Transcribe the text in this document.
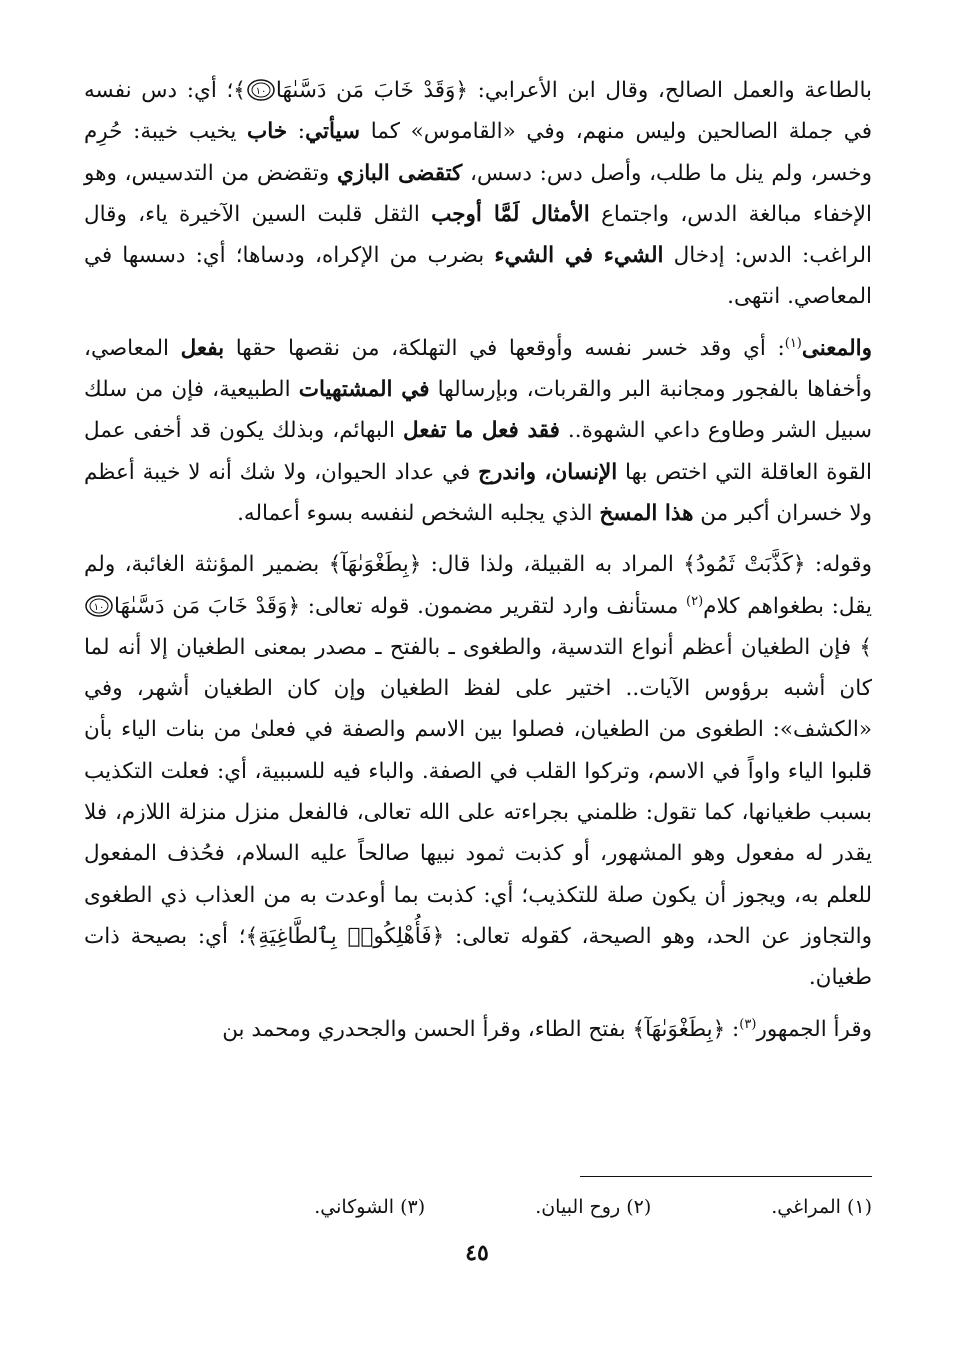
بالطاعة والعمل الصالح، وقال ابن الأعرابي: ﴿وَقَدْ خَابَ مَن دَسَّىٰهَا
١٠
﴾؛ أي: دس نفسه في جملة الصالحين وليس منهم، وفي «القاموس» كما سيأتي: خاب يخيب خيبة: حُرِم وخسر، ولم ينل ما طلب، وأصل دس: دسس، كتقضى البازي وتقضض من التدسيس، وهو الإخفاء مبالغة الدس، واجتماع الأمثال لَمَّا أوجب الثقل قلبت السين الآخيرة ياء، وقال الراغب: الدس: إدخال الشيء في الشيء بضرب من الإكراه، ودساها؛ أي: دسسها في المعاصي. انتهى.

والمعنى$^{(١)}$: أي وقد خسر نفسه وأوقعها في التهلكة، من نقصها حقها بفعل المعاصي، وأخفاها بالفجور ومجانبة البر والقربات، وبإرسالها في المشتهيات الطبيعية، فإن من سلك سبيل الشر وطاوع داعي الشهوة.. فقد فعل ما تفعل البهائم، وبذلك يكون قد أخفى عمل القوة العاقلة التي اختص بها الإنسان، واندرج في عداد الحيوان، ولا شك أنه لا خيبة أعظم ولا خسران أكبر من هذا المسخ الذي يجلبه الشخص لنفسه بسوء أعماله.

وقوله: ﴿كَذَّبَتْ ثَمُودُ﴾ المراد به القبيلة، ولذا قال: ﴿بِطَغْوَىٰهَآ﴾ بضمير المؤنثة الغائبة، ولم يقل: بطغواهم كلام$^{(٢)}$ مستأنف وارد لتقرير مضمون. قوله تعالى: ﴿وَقَدْ خَابَ مَن دَسَّىٰهَا
١٠
﴾ فإن الطغيان أعظم أنواع التدسية، والطغوى ـ بالفتح ـ مصدر بمعنى الطغيان إلا أنه لما كان أشبه برؤوس الآيات.. اختير على لفظ الطغيان وإن كان الطغيان أشهر، وفي «الكشف»: الطغوى من الطغيان، فصلوا بين الاسم والصفة في فعلىٰ من بنات الياء بأن قلبوا الياء واواً في الاسم، وتركوا القلب في الصفة. والباء فيه للسببية، أي: فعلت التكذيب بسبب طغيانها، كما تقول: ظلمني بجراءته على الله تعالى، فالفعل منزل منزلة اللازم، فلا يقدر له مفعول وهو المشهور، أو كذبت ثمود نبيها صالحاً عليه السلام، فحُذف المفعول للعلم به، ويجوز أن يكون صلة للتكذيب؛ أي: كذبت بما أوعدت به من العذاب ذي الطغوى والتجاوز عن الحد، وهو الصيحة، كقوله تعالى: ﴿فَأُهْلِكُوا۟ بِٱلطَّاغِيَةِ﴾؛ أي: بصيحة ذات طغيان.

وقرأ الجمهور$^{(٣)}$: ﴿بِطَغْوَىٰهَآ﴾ بفتح الطاء، وقرأ الحسن والجحدري ومحمد بن

(١) المراغي.
(٢) روح البيان.
(٣) الشوكاني.
٤٥
